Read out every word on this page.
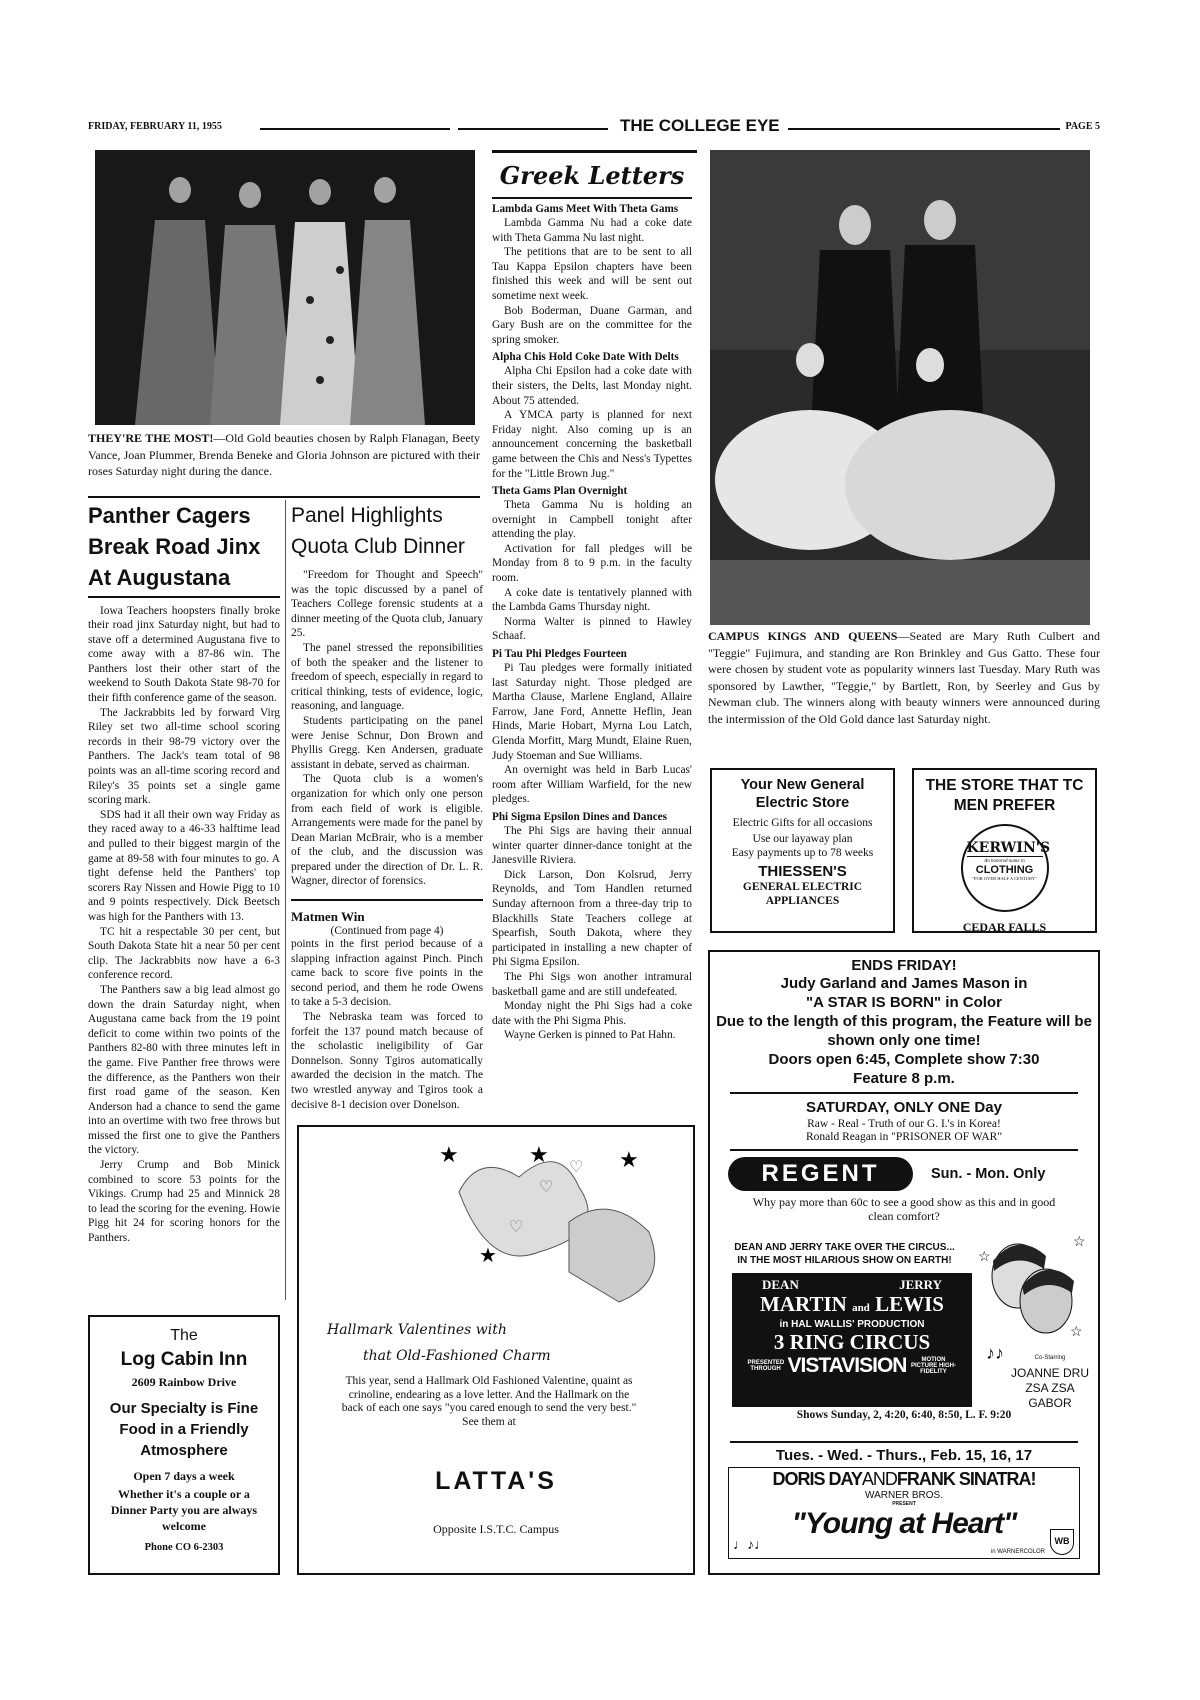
FRIDAY, FEBRUARY 11, 1955	THE COLLEGE EYE	PAGE 5
THEY'RE THE MOST!—Old Gold beauties chosen by Ralph Flanagan, Beety Vance, Joan Plummer, Brenda Beneke and Gloria Johnson are pictured with their roses Saturday night during the dance.
Panther Cagers
Break Road Jinx
At Augustana

Iowa Teachers hoopsters finally broke their road jinx Saturday night, but had to stave off a determined Augustana five to come away with a 87-86 win. The Panthers lost their other start of the weekend to South Dakota State 98-70 for their fifth conference game of the season.

The Jackrabbits led by forward Virg Riley set two all-time school scoring records in their 98-79 victory over the Panthers. The Jack's team total of 98 points was an all-time scoring record and Riley's 35 points set a single game scoring mark.

SDS had it all their own way Friday as they raced away to a 46-33 halftime lead and pulled to their biggest margin of the game at 89-58 with four minutes to go. A tight defense held the Panthers' top scorers Ray Nissen and Howie Pigg to 10 and 9 points respectively. Dick Beetsch was high for the Panthers with 13.

TC hit a respectable 30 per cent, but South Dakota State hit a near 50 per cent clip. The Jackrabbits now have a 6-3 conference record.

The Panthers saw a big lead almost go down the drain Saturday night, when Augustana came back from the 19 point deficit to come within two points of the Panthers 82-80 with three minutes left in the game. Five Panther free throws were the difference, as the Panthers won their first road game of the season. Ken Anderson had a chance to send the game into an overtime with two free throws but missed the first one to give the Panthers the victory.

Jerry Crump and Bob Minick combined to score 53 points for the Vikings. Crump had 25 and Minnick 28 to lead the scoring for the evening. Howie Pigg hit 24 for scoring honors for the Panthers.

Panel Highlights
Quota Club Dinner

"Freedom for Thought and Speech" was the topic discussed by a panel of Teachers College forensic students at a dinner meeting of the Quota club, January 25.

The panel stressed the reponsibilities of both the speaker and the listener to freedom of speech, especially in regard to critical thinking, tests of evidence, logic, reasoning, and language.

Students participating on the panel were Jenise Schnur, Don Brown and Phyllis Gregg. Ken Andersen, graduate assistant in debate, served as chairman.

The Quota club is a women's organization for which only one person from each field of work is eligible. Arrangements were made for the panel by Dean Marian McBrair, who is a member of the club, and the discussion was prepared under the direction of Dr. L. R. Wagner, director of forensics.

Matmen Win
(Continued from page 4)

points in the first period because of a slapping infraction against Pinch. Pinch came back to score five points in the second period, and them he rode Owens to take a 5-3 decision.

The Nebraska team was forced to forfeit the 137 pound match because of the scholastic ineligibility of Gar Donnelson. Sonny Tgiros automatically awarded the decision in the match. The two wrestled anyway and Tgiros took a decisive 8-1 decision over Donelson.

Greek Letters
Lambda Gams Meet With Theta Gams

Lambda Gamma Nu had a coke date with Theta Gamma Nu last night.

The petitions that are to be sent to all Tau Kappa Epsilon chapters have been finished this week and will be sent out sometime next week.

Bob Boderman, Duane Garman, and Gary Bush are on the committee for the spring smoker.

Alpha Chis Hold Coke Date With Delts

Alpha Chi Epsilon had a coke date with their sisters, the Delts, last Monday night. About 75 attended.

A YMCA party is planned for next Friday night. Also coming up is an announcement concerning the basketball game between the Chis and Ness's Typettes for the "Little Brown Jug."

Theta Gams Plan Overnight

Theta Gamma Nu is holding an overnight in Campbell tonight after attending the play.

Activation for fall pledges will be Monday from 8 to 9 p.m. in the faculty room.

A coke date is tentatively planned with the Lambda Gams Thursday night.

Norma Walter is pinned to Hawley Schaaf.

Pi Tau Phi Pledges Fourteen

Pi Tau pledges were formally initiated last Saturday night. Those pledged are Martha Clause, Marlene England, Allaire Farrow, Jane Ford, Annette Heflin, Jean Hinds, Marie Hobart, Myrna Lou Latch, Glenda Morfitt, Marg Mundt, Elaine Ruen, Judy Stoeman and Sue Williams.

An overnight was held in Barb Lucas' room after William Warfield, for the new pledges.

Phi Sigma Epsilon Dines and Dances

The Phi Sigs are having their annual winter quarter dinner-dance tonight at the Janesville Riviera.

Dick Larson, Don Kolsrud, Jerry Reynolds, and Tom Handlen returned Sunday afternoon from a three-day trip to Blackhills State Teachers college at Spearfish, South Dakota, where they participated in installing a new chapter of Phi Sigma Epsilon.

The Phi Sigs won another intramural basketball game and are still undefeated.

Monday night the Phi Sigs had a coke date with the Phi Sigma Phis.

Wayne Gerken is pinned to Pat Hahn.

CAMPUS KINGS AND QUEENS—Seated are Mary Ruth Culbert and "Teggie" Fujimura, and standing are Ron Brinkley and Gus Gatto. These four were chosen by student vote as popularity winners last Tuesday. Mary Ruth was sponsored by Lawther, "Teggie," by Bartlett, Ron, by Seerley and Gus by Newman club. The winners along with beauty winners were announced during the intermission of the Old Gold dance last Saturday night.
Your New General Electric Store
Electric Gifts for all occasions
Use our layaway plan
Easy payments up to 78 weeks
THIESSEN'S
GENERAL ELECTRIC APPLIANCES
THE STORE THAT TC MEN PREFER
KERWIN'S
An honored name in
CLOTHING
"FOR OVER HALF A CENTURY"
CEDAR FALLS
ENDS FRIDAY!
Judy Garland and James Mason in
"A STAR IS BORN" in Color
Due to the length of this program, the Feature will be shown only one time!
Doors open 6:45, Complete show 7:30
Feature 8 p.m.
SATURDAY, ONLY ONE Day
Raw - Real - Truth of our G. I.'s in Korea!
Ronald Reagan in "PRISONER OF WAR"
REGENT	Sun. - Mon. Only
Why pay more than 60c to see a good show as this and in good clean comfort?
DEAN AND JERRY TAKE OVER THE CIRCUS...
IN THE MOST HILARIOUS SHOW ON EARTH!
DEAN	JERRY
MARTIN and LEWIS
in HAL WALLIS' PRODUCTION
3 RING CIRCUS
PRESENTED THROUGH VISTAVISION	MOTION PICTURE HIGH-FIDELITY
☆
☆
☆
♪♪	Co-Starring
JOANNE DRU
ZSA ZSA GABOR
Shows Sunday, 2, 4:20, 6:40, 8:50, L. F. 9:20
Tues. - Wed. - Thurs., Feb. 15, 16, 17
DORIS DAYANDFRANK SINATRA!
WARNER BROS.
PRESENT
"Young at Heart"
in WARNERCOLOR
WB
♩♪♩
The
Log Cabin Inn
2609 Rainbow Drive
Our Specialty is Fine Food in a Friendly Atmosphere
Open 7 days a week
Whether it's a couple or a Dinner Party you are always welcome
Phone CO 6-2303
★	★	★
★
♡
♡
♡
Hallmark Valentines with
that Old-Fashioned Charm
This year, send a Hallmark Old Fashioned Valentine, quaint as crinoline, endearing as a love letter. And the Hallmark on the back of each one says "you cared enough to send the very best." See them at
LATTA'S
Opposite I.S.T.C. Campus
